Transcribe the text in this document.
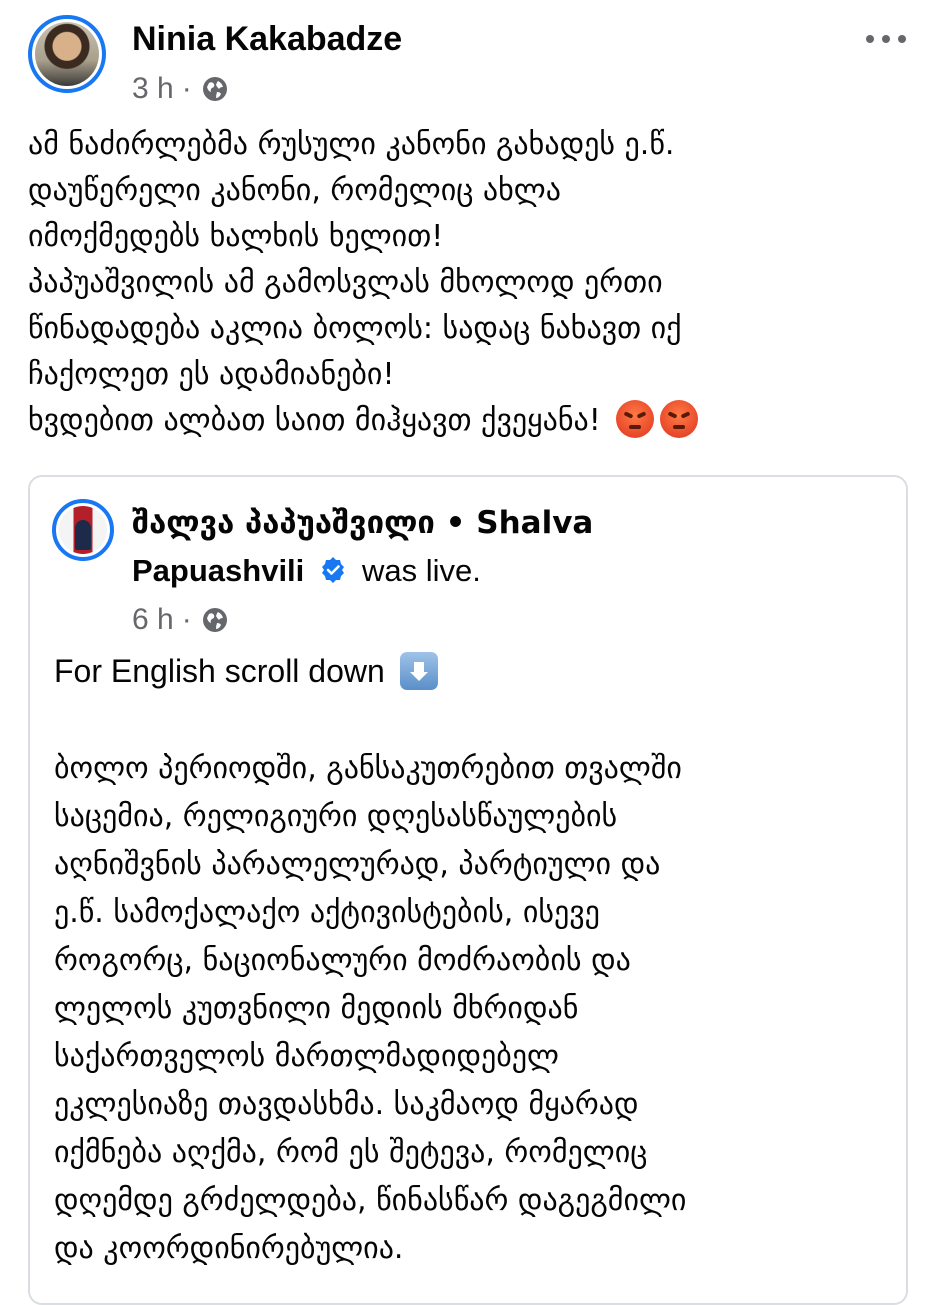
Ninia Kakabadze
3 h ·
ამ ნაძირლებმა რუსული კანონი გახადეს ე.წ.
დაუწერელი კანონი, რომელიც ახლა
იმოქმედებს ხალხის ხელით!
პაპუაშვილის ამ გამოსვლას მხოლოდ ერთი
წინადადება აკლია ბოლოს: სადაც ნახავთ იქ
ჩაქოლეთ ეს ადამიანები!
ხვდებით ალბათ საით მიჰყავთ ქვეყანა!
შალვა პაპუაშვილი • Shalva
Papuashvili was live.
6 h ·
For English scroll down
ბოლო პერიოდში, განსაკუთრებით თვალში
საცემია, რელიგიური დღესასწაულების
აღნიშვნის პარალელურად, პარტიული და
ე.წ. სამოქალაქო აქტივისტების, ისევე
როგორც, ნაციონალური მოძრაობის და
ლელოს კუთვნილი მედიის მხრიდან
საქართველოს მართლმადიდებელ
ეკლესიაზე თავდასხმა. საკმაოდ მყარად
იქმნება აღქმა, რომ ეს შეტევა, რომელიც
დღემდე გრძელდება, წინასწარ დაგეგმილი
და კოორდინირებულია.
